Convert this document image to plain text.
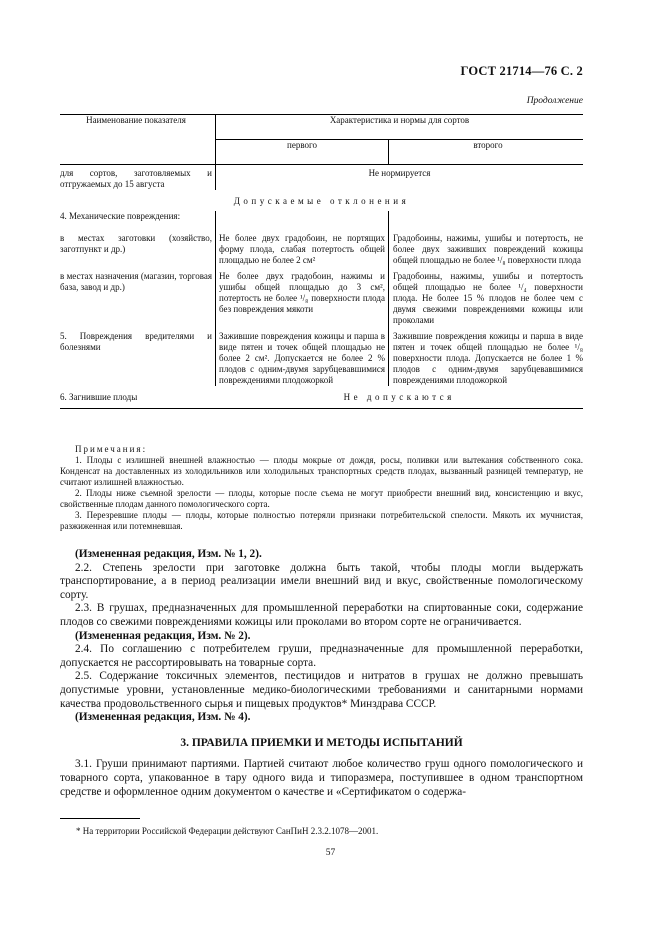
ГОСТ 21714—76 С. 2
Продолжение
Наименование показателя	Характеристика и нормы для сортов	
	первого	второго
для сортов, заготовляемых и отгружаемых до 15 августа	Не нормируется	
Допускаемые отклонения		
4. Механические повреждения:		
в местах заготовки (хозяйство, заготпункт и др.)	Не более двух градобоин, не портящих форму плода, слабая потертость общей площадью не более 2 см²	Градобоины, нажимы, ушибы и потертость, не более двух заживших повреждений кожицы общей площадью не более ¹/₈ поверхности плода
в местах назначения (магазин, торговая база, завод и др.)	Не более двух градобоин, нажимы и ушибы общей площадью до 3 см², потертость не более ¹/₈ поверхности плода без повреждения мякоти	Градобоины, нажимы, ушибы и потертость общей площадью не более ¹/₄ поверхности плода. Не более 15 % плодов не более чем с двумя свежими повреждениями кожицы или проколами
5. Повреждения вредителями и болезнями	Зажившие повреждения кожицы и парша в виде пятен и точек общей площадью не более 2 см². Допускается не более 2 % плодов с одним-двумя зарубцевавшимися повреждениями плодожоркой	Зажившие повреждения кожицы и парша в виде пятен и точек общей площадью не более ¹/₈ поверхности плода. Допускается не более 1 % плодов с одним-двумя зарубцевавшимися повреждениями плодожоркой
6. Загнившие плоды	Не допускаются	

Примечания:

1. Плоды с излишней внешней влажностью — плоды мокрые от дождя, росы, поливки или вытекания собственного сока. Конденсат на доставленных из холодильников или холодильных транспортных средств плодах, вызванный разницей температур, не считают излишней влажностью.

2. Плоды ниже съемной зрелости — плоды, которые после съема не могут приобрести внешний вид, консистенцию и вкус, свойственные плодам данного помологического сорта.

3. Перезревшие плоды — плоды, которые полностью потеряли признаки потребительской спелости. Мякоть их мучнистая, разжиженная или потемневшая.

(Измененная редакция, Изм. № 1, 2).

2.2. Степень зрелости при заготовке должна быть такой, чтобы плоды могли выдержать транспортирование, а в период реализации имели внешний вид и вкус, свойственные помологическому сорту.

2.3. В грушах, предназначенных для промышленной переработки на спиртованные соки, содержание плодов со свежими повреждениями кожицы или проколами во втором сорте не ограничивается.

(Измененная редакция, Изм. № 2).

2.4. По соглашению с потребителем груши, предназначенные для промышленной переработки, допускается не рассортировывать на товарные сорта.

2.5. Содержание токсичных элементов, пестицидов и нитратов в грушах не должно превышать допустимые уровни, установленные медико-биологическими требованиями и санитарными нормами качества продовольственного сырья и пищевых продуктов* Минздрава СССР.

(Измененная редакция, Изм. № 4).

3. ПРАВИЛА ПРИЕМКИ И МЕТОДЫ ИСПЫТАНИЙ

3.1. Груши принимают партиями. Партией считают любое количество груш одного помологического и товарного сорта, упакованное в тару одного вида и типоразмера, поступившее в одном транспортном средстве и оформленное одним документом о качестве и «Сертификатом о содержа-

* На территории Российской Федерации действуют СанПиН 2.3.2.1078—2001.
57
